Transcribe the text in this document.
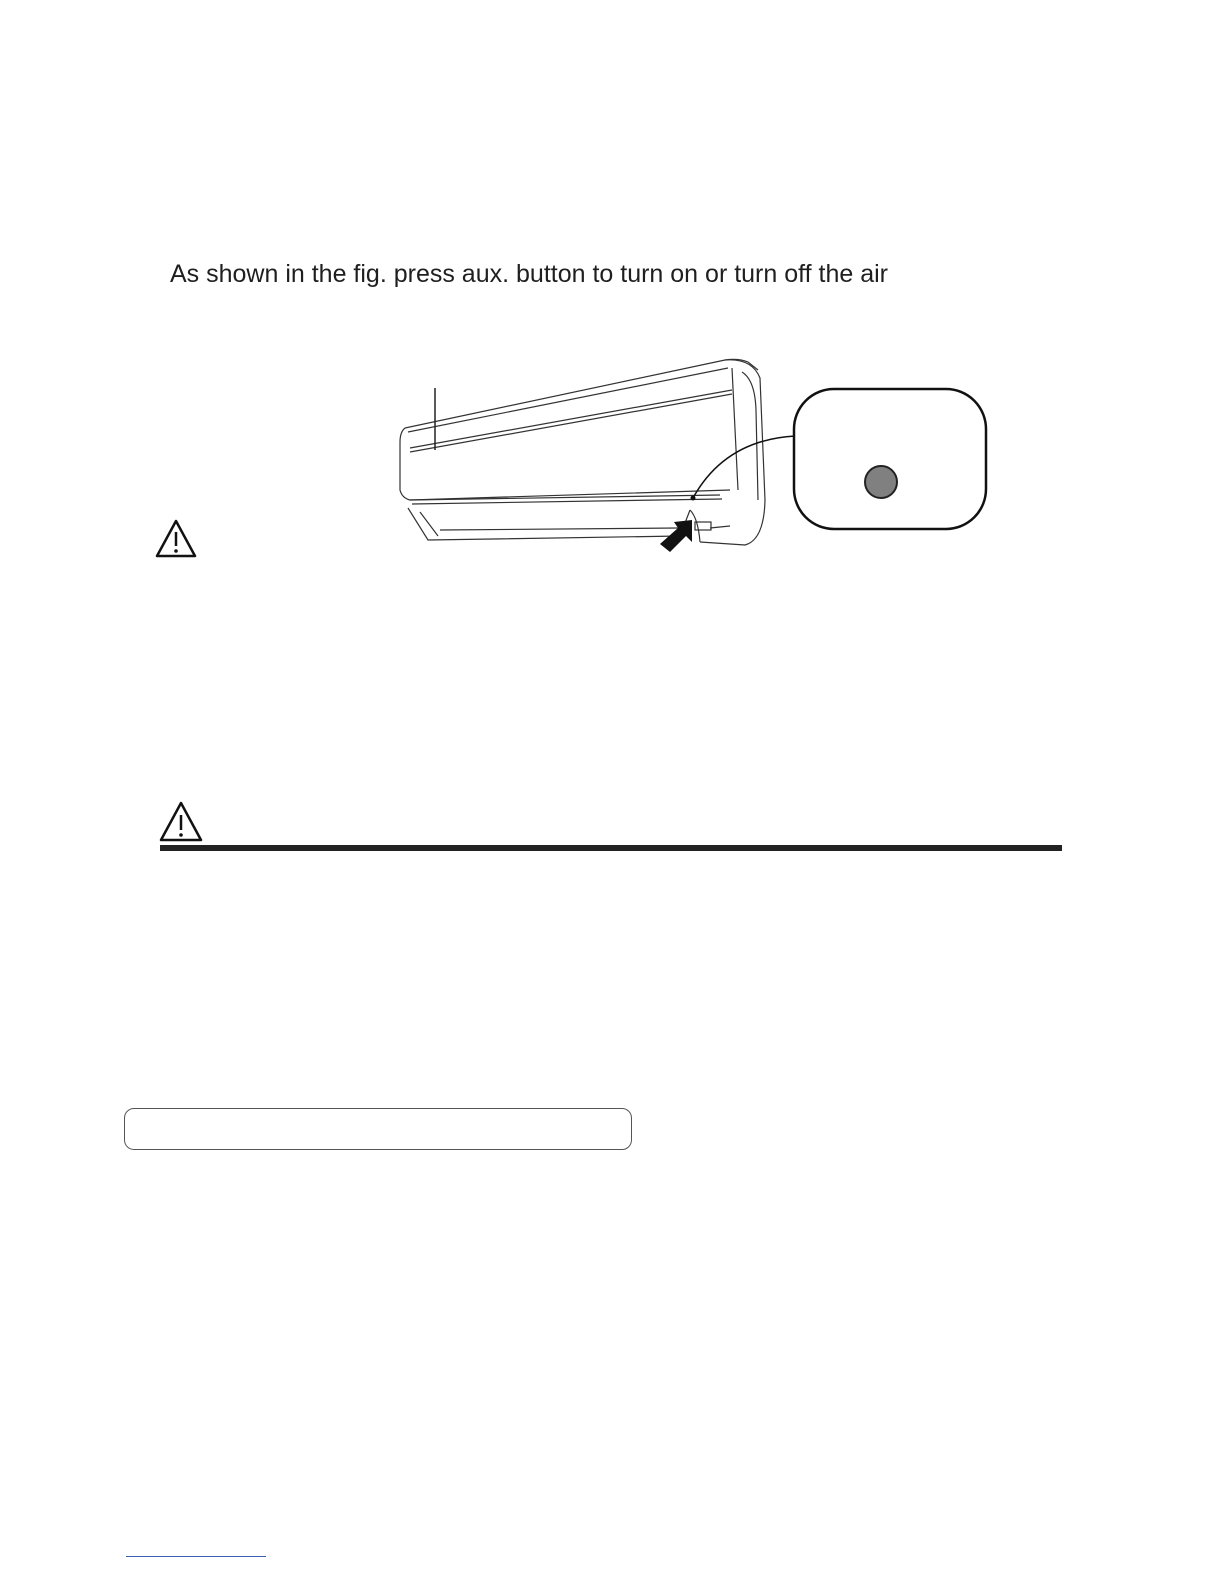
As shown in the fig. press aux. button to turn on or turn off the air
